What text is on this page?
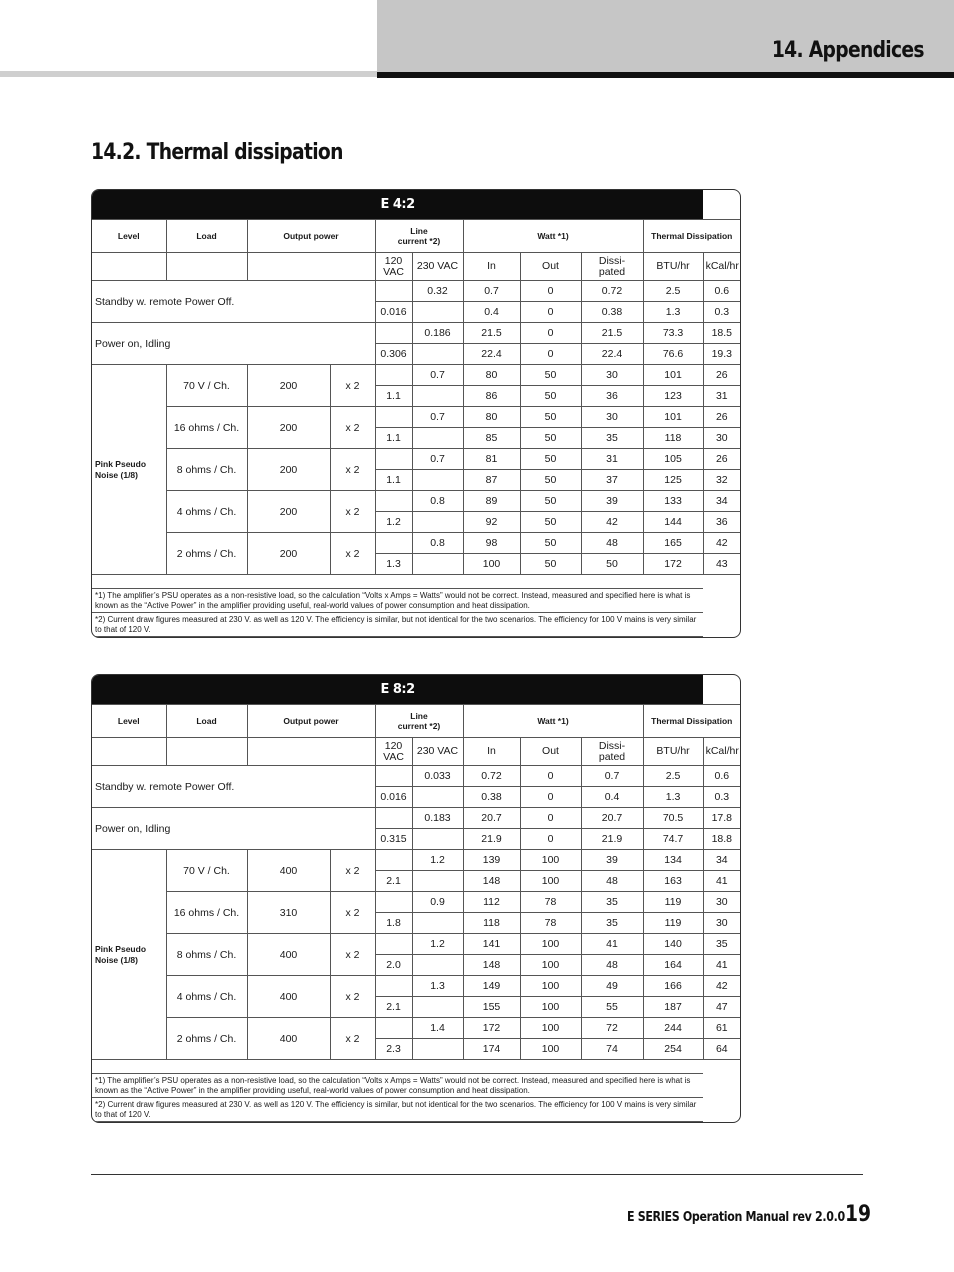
14. Appendices
14.2. Thermal dissipation
E 4:2										
Level	Load	Output power		Line
current *2)		Watt *1)			Thermal Dissipation	
				120 VAC	230 VAC	In	Out	Dissi-
pated	BTU/hr	kCal/hr
Standby w. remote Power Off.					0.32	0.7	0	0.72	2.5	0.6
				0.016		0.4	0	0.38	1.3	0.3
Power on, Idling					0.186	21.5	0	21.5	73.3	18.5
				0.306		22.4	0	22.4	76.6	19.3
Pink Pseudo
Noise (1/8)	70 V / Ch.	200	x 2		0.7	80	50	30	101	26
				1.1		86	50	36	123	31
	16 ohms / Ch.	200	x 2		0.7	80	50	30	101	26
				1.1		85	50	35	118	30
	8 ohms / Ch.	200	x 2		0.7	81	50	31	105	26
				1.1		87	50	37	125	32
	4 ohms / Ch.	200	x 2		0.8	89	50	39	133	34
				1.2		92	50	42	144	36
	2 ohms / Ch.	200	x 2		0.8	98	50	48	165	42
				1.3		100	50	50	172	43

*1) The amplifier’s PSU operates as a non-resistive load, so the calculation “Volts x Amps = Watts” would not be correct. Instead, measured and specified here is what is known as the “Active Power” in the amplifier providing useful, real-world values of power consumption and heat dissipation.										
*2) Current draw figures measured at 230 V. as well as 120 V. The efficiency is similar, but not identical for the two scenarios. The efficiency for 100 V mains is very similar to that of 120 V.										
E 8:2										
Level	Load	Output power		Line
current *2)		Watt *1)			Thermal Dissipation	
				120 VAC	230 VAC	In	Out	Dissi-
pated	BTU/hr	kCal/hr
Standby w. remote Power Off.					0.033	0.72	0	0.7	2.5	0.6
				0.016		0.38	0	0.4	1.3	0.3
Power on, Idling					0.183	20.7	0	20.7	70.5	17.8
				0.315		21.9	0	21.9	74.7	18.8
Pink Pseudo
Noise (1/8)	70 V / Ch.	400	x 2		1.2	139	100	39	134	34
				2.1		148	100	48	163	41
	16 ohms / Ch.	310	x 2		0.9	112	78	35	119	30
				1.8		118	78	35	119	30
	8 ohms / Ch.	400	x 2		1.2	141	100	41	140	35
				2.0		148	100	48	164	41
	4 ohms / Ch.	400	x 2		1.3	149	100	49	166	42
				2.1		155	100	55	187	47
	2 ohms / Ch.	400	x 2		1.4	172	100	72	244	61
				2.3		174	100	74	254	64

*1) The amplifier’s PSU operates as a non-resistive load, so the calculation “Volts x Amps = Watts” would not be correct. Instead, measured and specified here is what is known as the “Active Power” in the amplifier providing useful, real-world values of power consumption and heat dissipation.										
*2) Current draw figures measured at 230 V. as well as 120 V. The efficiency is similar, but not identical for the two scenarios. The efficiency for 100 V mains is very similar to that of 120 V.										
E SERIES Operation Manual rev 2.0.0 19
